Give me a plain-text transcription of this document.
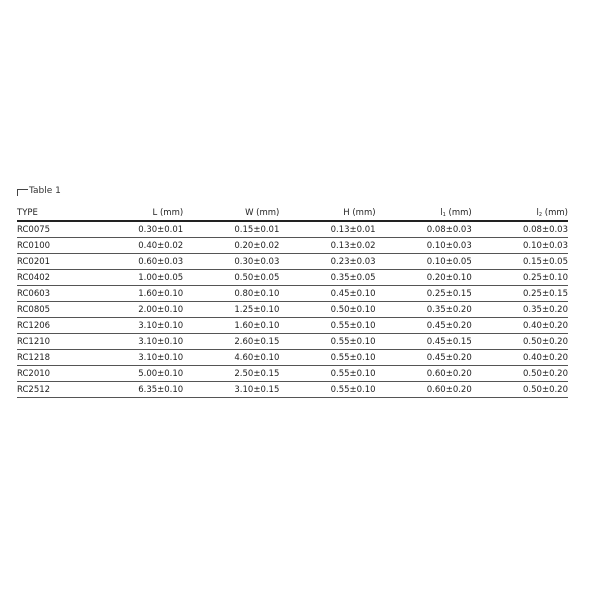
Table 1
TYPE	L (mm)	W (mm)	H (mm)	$l_1$ (mm)	$l_2$ (mm)
RC0075	0.30±0.01	0.15±0.01	0.13±0.01	0.08±0.03	0.08±0.03
RC0100	0.40±0.02	0.20±0.02	0.13±0.02	0.10±0.03	0.10±0.03
RC0201	0.60±0.03	0.30±0.03	0.23±0.03	0.10±0.05	0.15±0.05
RC0402	1.00±0.05	0.50±0.05	0.35±0.05	0.20±0.10	0.25±0.10
RC0603	1.60±0.10	0.80±0.10	0.45±0.10	0.25±0.15	0.25±0.15
RC0805	2.00±0.10	1.25±0.10	0.50±0.10	0.35±0.20	0.35±0.20
RC1206	3.10±0.10	1.60±0.10	0.55±0.10	0.45±0.20	0.40±0.20
RC1210	3.10±0.10	2.60±0.15	0.55±0.10	0.45±0.15	0.50±0.20
RC1218	3.10±0.10	4.60±0.10	0.55±0.10	0.45±0.20	0.40±0.20
RC2010	5.00±0.10	2.50±0.15	0.55±0.10	0.60±0.20	0.50±0.20
RC2512	6.35±0.10	3.10±0.15	0.55±0.10	0.60±0.20	0.50±0.20
